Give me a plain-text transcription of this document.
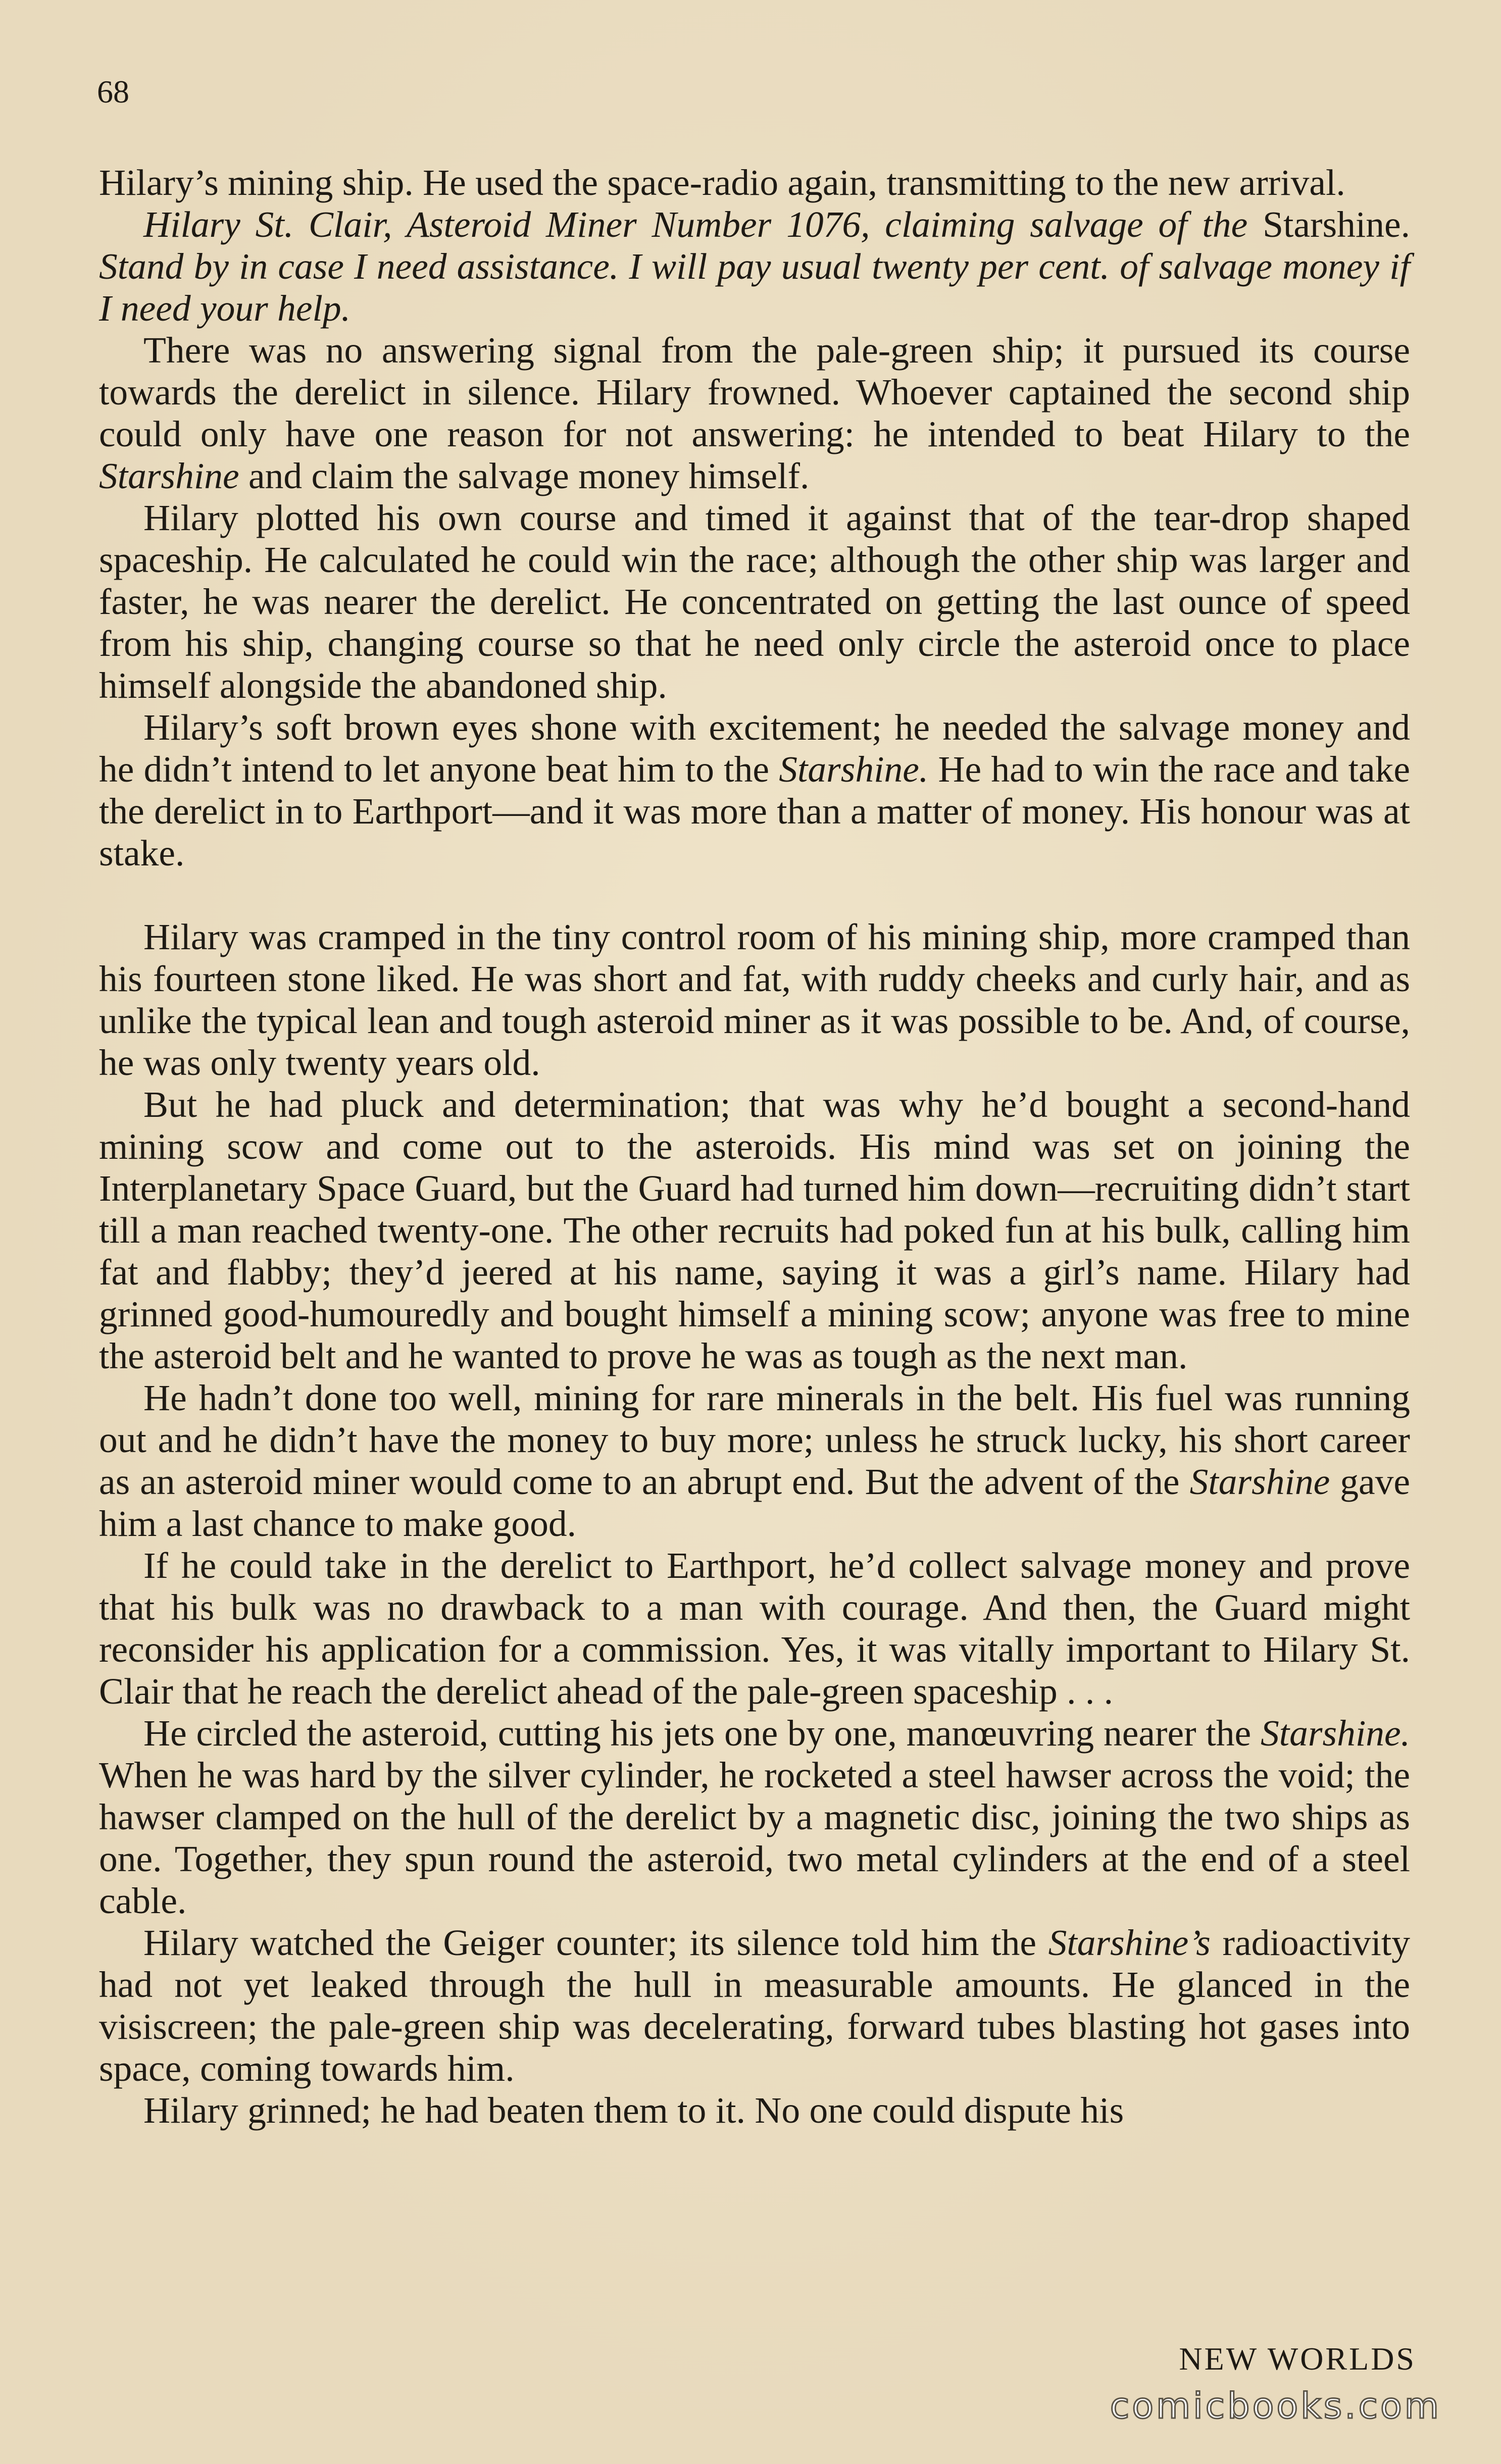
68

Hilary’s mining ship. He used the space-radio again, transmitting to the new arrival.

Hilary St. Clair, Asteroid Miner Number 1076, claiming salvage of the Starshine. Stand by in case I need assistance. I will pay usual twenty per cent. of salvage money if I need your help.

There was no answering signal from the pale-green ship; it pursued its course towards the derelict in silence. Hilary frowned. Whoever captained the second ship could only have one reason for not answering: he intended to beat Hilary to the Starshine and claim the salvage money himself.

Hilary plotted his own course and timed it against that of the tear-drop shaped spaceship. He calculated he could win the race; although the other ship was larger and faster, he was nearer the derelict. He concentrated on getting the last ounce of speed from his ship, changing course so that he need only circle the asteroid once to place himself alongside the abandoned ship.

Hilary’s soft brown eyes shone with excitement; he needed the salvage money and he didn’t intend to let anyone beat him to the Starshine. He had to win the race and take the derelict in to Earthport—and it was more than a matter of money. His honour was at stake.

Hilary was cramped in the tiny control room of his mining ship, more cramped than his fourteen stone liked. He was short and fat, with ruddy cheeks and curly hair, and as unlike the typical lean and tough asteroid miner as it was possible to be. And, of course, he was only twenty years old.

But he had pluck and determination; that was why he’d bought a second-hand mining scow and come out to the asteroids. His mind was set on joining the Interplanetary Space Guard, but the Guard had turned him down—recruiting didn’t start till a man reached twenty-one. The other recruits had poked fun at his bulk, calling him fat and flabby; they’d jeered at his name, saying it was a girl’s name. Hilary had grinned good-humouredly and bought himself a mining scow; anyone was free to mine the asteroid belt and he wanted to prove he was as tough as the next man.

He hadn’t done too well, mining for rare minerals in the belt. His fuel was running out and he didn’t have the money to buy more; unless he struck lucky, his short career as an asteroid miner would come to an abrupt end. But the advent of the Starshine gave him a last chance to make good.

If he could take in the derelict to Earthport, he’d collect salvage money and prove that his bulk was no drawback to a man with courage. And then, the Guard might reconsider his application for a commission. Yes, it was vitally important to Hilary St. Clair that he reach the derelict ahead of the pale-green spaceship . . .

He circled the asteroid, cutting his jets one by one, manœuvring nearer the Starshine. When he was hard by the silver cylinder, he rocketed a steel hawser across the void; the hawser clamped on the hull of the derelict by a magnetic disc, joining the two ships as one. Together, they spun round the asteroid, two metal cylinders at the end of a steel cable.

Hilary watched the Geiger counter; its silence told him the Starshine’s radioactivity had not yet leaked through the hull in measurable amounts. He glanced in the visiscreen; the pale-green ship was decelerating, forward tubes blasting hot gases into space, coming towards him.

Hilary grinned; he had beaten them to it. No one could dispute his

NEW WORLDS
comicbooks.com
